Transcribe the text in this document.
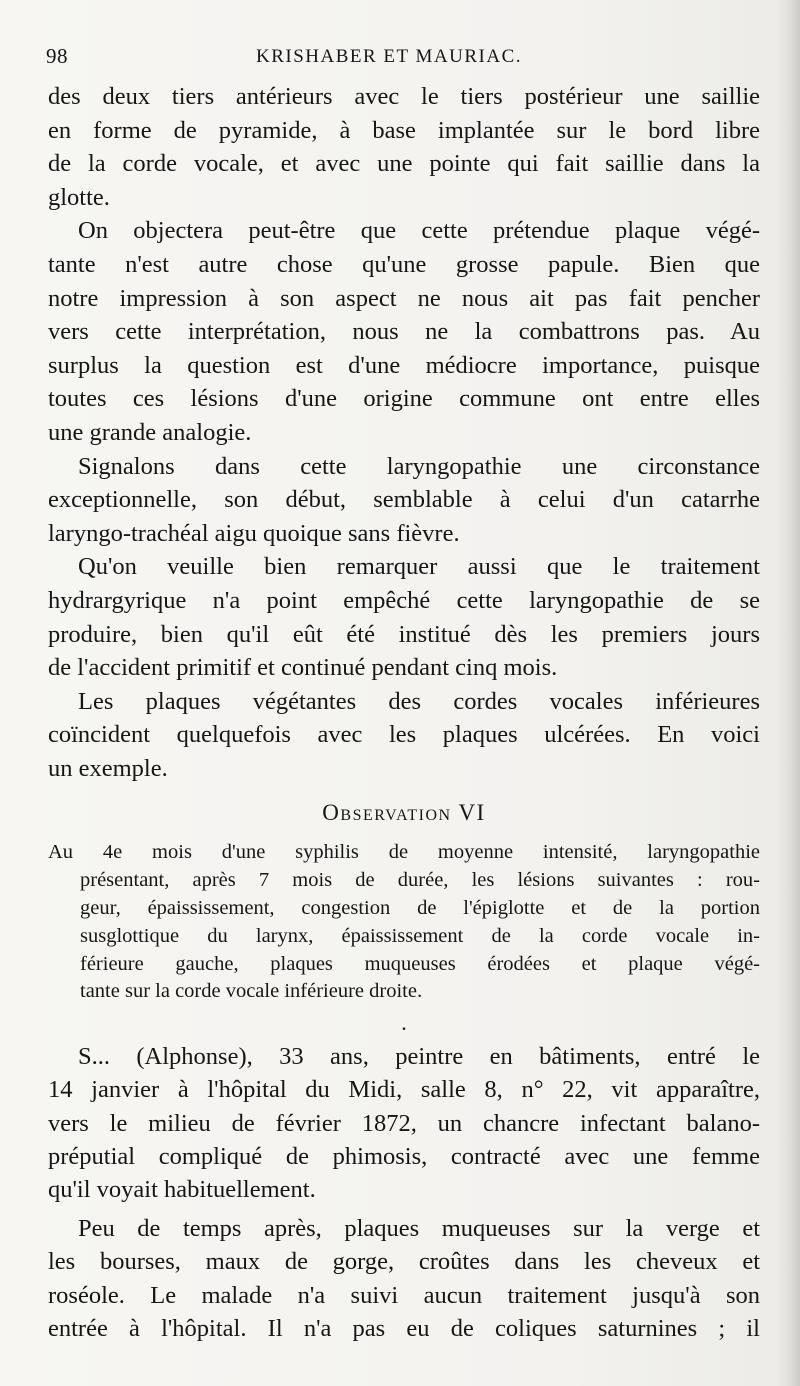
98	KRISHABER ET MAURIAC.
des deux tiers antérieurs avec le tiers postérieur une saillie
en forme de pyramide, à base implantée sur le bord libre
de la corde vocale, et avec une pointe qui fait saillie dans la
glotte.
On objectera peut-être que cette prétendue plaque végé-
tante n'est autre chose qu'une grosse papule. Bien que
notre impression à son aspect ne nous ait pas fait pencher
vers cette interprétation, nous ne la combattrons pas. Au
surplus la question est d'une médiocre importance, puisque
toutes ces lésions d'une origine commune ont entre elles
une grande analogie.
Signalons dans cette laryngopathie une circonstance
exceptionnelle, son début, semblable à celui d'un catarrhe
laryngo-trachéal aigu quoique sans fièvre.
Qu'on veuille bien remarquer aussi que le traitement
hydrargyrique n'a point empêché cette laryngopathie de se
produire, bien qu'il eût été institué dès les premiers jours
de l'accident primitif et continué pendant cinq mois.
Les plaques végétantes des cordes vocales inférieures
coïncident quelquefois avec les plaques ulcérées. En voici
un exemple.
Observation VI
Au 4e mois d'une syphilis de moyenne intensité, laryngopathie
présentant, après 7 mois de durée, les lésions suivantes : rou-
geur, épaississement, congestion de l'épiglotte et de la portion
susglottique du larynx, épaississement de la corde vocale in-
férieure gauche, plaques muqueuses érodées et plaque végé-
tante sur la corde vocale inférieure droite.
.
S... (Alphonse), 33 ans, peintre en bâtiments, entré le
14 janvier à l'hôpital du Midi, salle 8, n° 22, vit apparaître,
vers le milieu de février 1872, un chancre infectant balano-
préputial compliqué de phimosis, contracté avec une femme
qu'il voyait habituellement.
Peu de temps après, plaques muqueuses sur la verge et
les bourses, maux de gorge, croûtes dans les cheveux et
roséole. Le malade n'a suivi aucun traitement jusqu'à son
entrée à l'hôpital. Il n'a pas eu de coliques saturnines ; il
